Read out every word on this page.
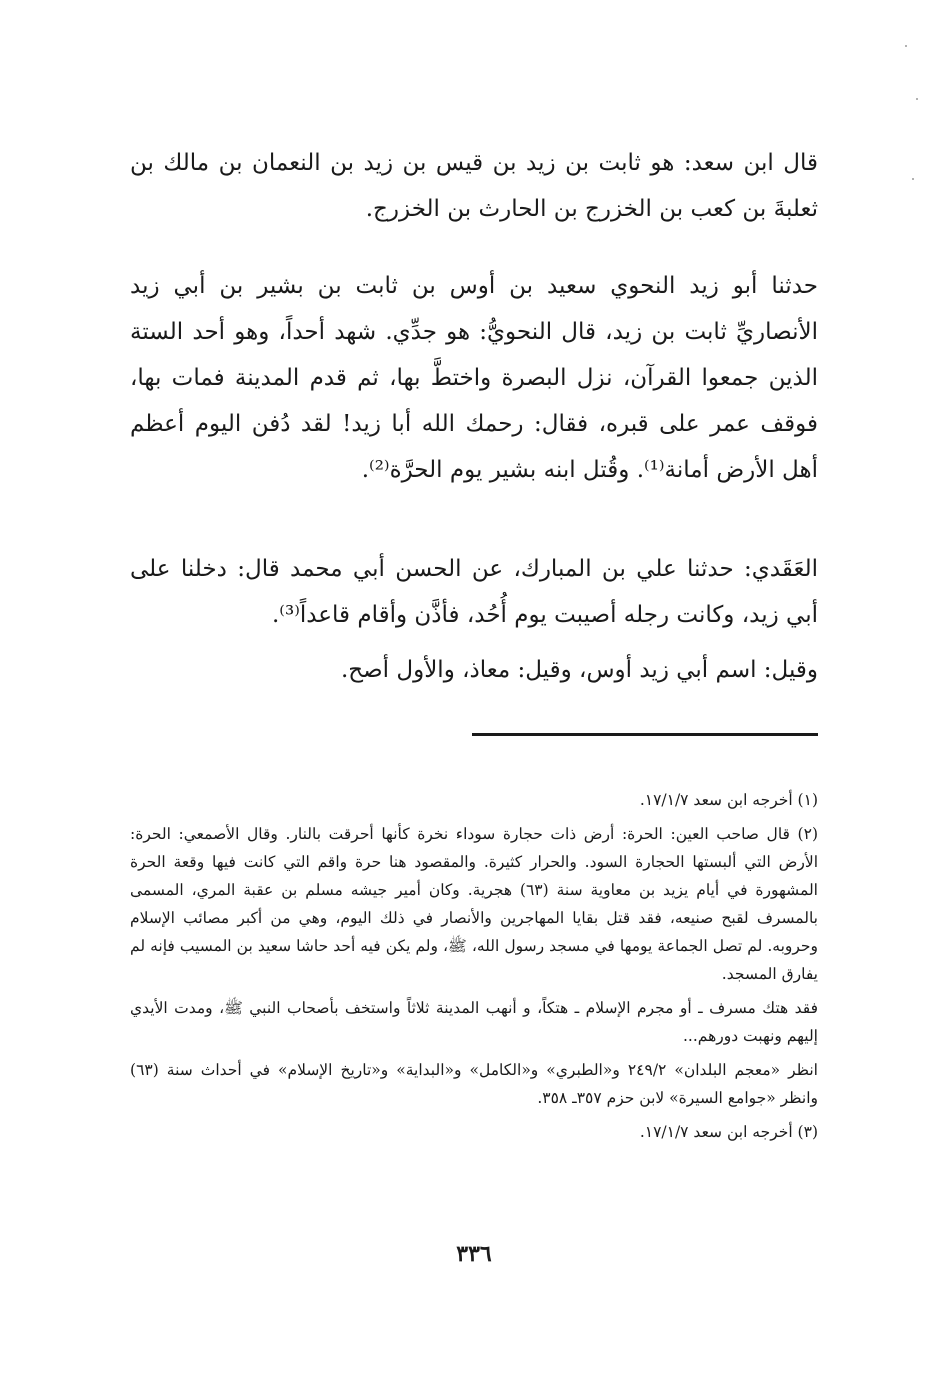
قال ابن سعد: هو ثابت بن زيد بن قيس بن زيد بن النعمان بن مالك بن ثعلبةَ بن كعب بن الخزرج بن الحارث بن الخزرج.

حدثنا أبو زيد النحوي سعيد بن أوس بن ثابت بن بشير بن أبي زيد الأنصاريِّ ثابت بن زيد، قال النحويُّ: هو جدِّي. شهد أحداً، وهو أحد الستة الذين جمعوا القرآن، نزل البصرة واختطَّ بها، ثم قدم المدينة فمات بها، فوقف عمر على قبره، فقال: رحمك الله أبا زيد! لقد دُفن اليوم أعظم أهل الأرض أمانة⁽¹⁾. وقُتل ابنه بشير يوم الحرَّة⁽²⁾.

العَقَدي: حدثنا علي بن المبارك، عن الحسن أبي محمد قال: دخلنا على أبي زيد، وكانت رجله أصيبت يوم أُحُد، فأذَّن وأقام قاعداً⁽³⁾.

وقيل: اسم أبي زيد أوس، وقيل: معاذ، والأول أصح.

(١) أخرجه ابن سعد ١٧/١/٧.

(٢) قال صاحب العين: الحرة: أرض ذات حجارة سوداء نخرة كأنها أحرقت بالنار. وقال الأصمعي: الحرة: الأرض التي ألبستها الحجارة السود. والحرار كثيرة. والمقصود هنا حرة واقم التي كانت فيها وقعة الحرة المشهورة في أيام يزيد بن معاوية سنة (٦٣) هجرية. وكان أمير جيشه مسلم بن عقبة المري، المسمى بالمسرف لقبح صنيعه، فقد قتل بقايا المهاجرين والأنصار في ذلك اليوم، وهي من أكبر مصائب الإسلام وحروبه. لم تصل الجماعة يومها في مسجد رسول الله، ﷺ، ولم يكن فيه أحد حاشا سعيد بن المسيب فإنه لم يفارق المسجد.

فقد هتك مسرف ـ أو مجرم الإسلام ـ هتكاً، و أنهب المدينة ثلاثاً واستخف بأصحاب النبي ﷺ، ومدت الأيدي إليهم ونهبت دورهم...

انظر «معجم البلدان» ٢٤٩/٢ و«الطبري» و«الكامل» و«البداية» و«تاريخ الإسلام» في أحداث سنة (٦٣) وانظر «جوامع السيرة» لابن حزم ٣٥٧ـ ٣٥٨.

(٣) أخرجه ابن سعد ١٧/١/٧.

٣٣٦
